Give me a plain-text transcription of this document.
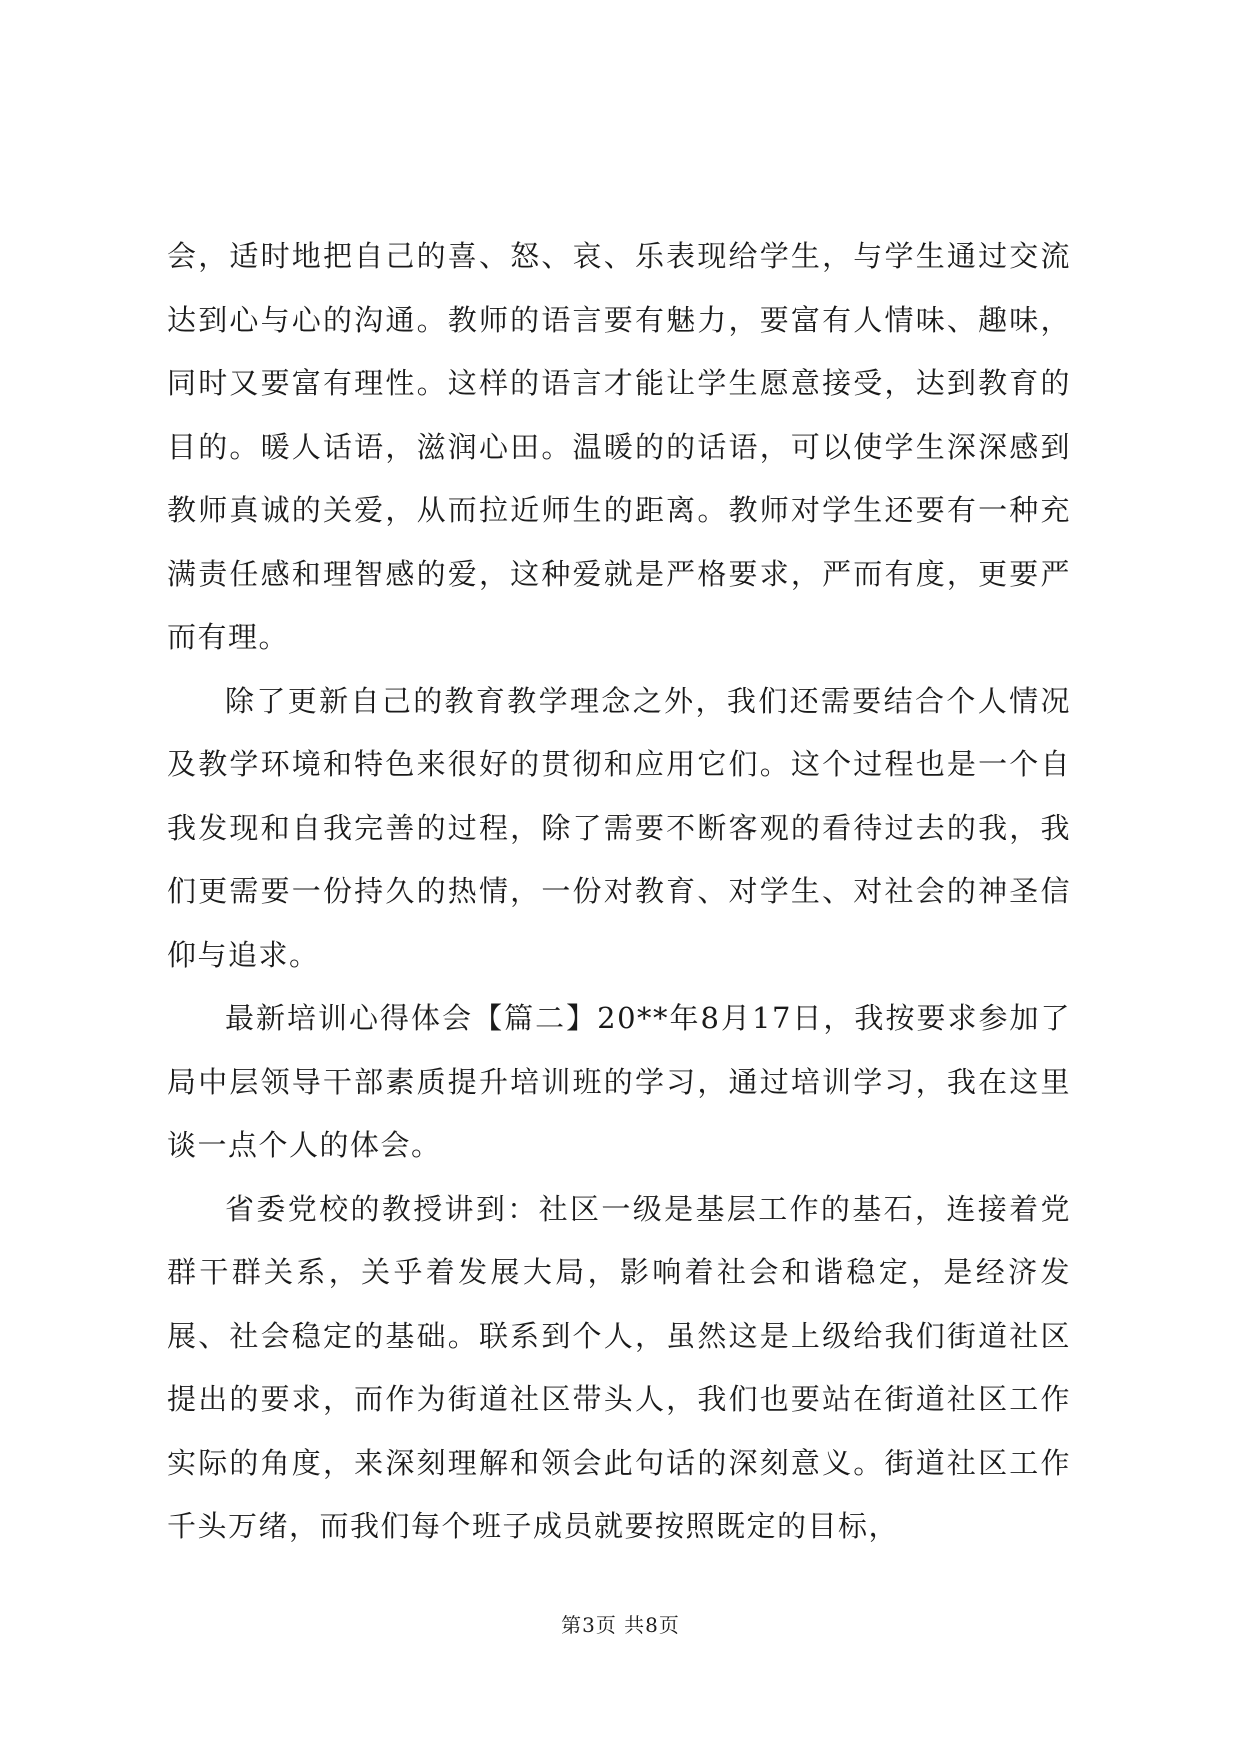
会，适时地把自己的喜、怒、哀、乐表现给学生，与学生通过交流达到心与心的沟通。教师的语言要有魅力，要富有人情味、趣味，同时又要富有理性。这样的语言才能让学生愿意接受，达到教育的目的。暖人话语，滋润心田。温暖的的话语，可以使学生深深感到教师真诚的关爱，从而拉近师生的距离。教师对学生还要有一种充满责任感和理智感的爱，这种爱就是严格要求，严而有度，更要严而有理。

除了更新自己的教育教学理念之外，我们还需要结合个人情况及教学环境和特色来很好的贯彻和应用它们。这个过程也是一个自我发现和自我完善的过程，除了需要不断客观的看待过去的我，我们更需要一份持久的热情，一份对教育、对学生、对社会的神圣信仰与追求。

最新培训心得体会【篇二】20**年8月17日，我按要求参加了局中层领导干部素质提升培训班的学习，通过培训学习，我在这里谈一点个人的体会。

省委党校的教授讲到：社区一级是基层工作的基石，连接着党群干群关系，关乎着发展大局，影响着社会和谐稳定，是经济发展、社会稳定的基础。联系到个人，虽然这是上级给我们街道社区提出的要求，而作为街道社区带头人，我们也要站在街道社区工作实际的角度，来深刻理解和领会此句话的深刻意义。街道社区工作千头万绪，而我们每个班子成员就要按照既定的目标，

第3页 共8页
